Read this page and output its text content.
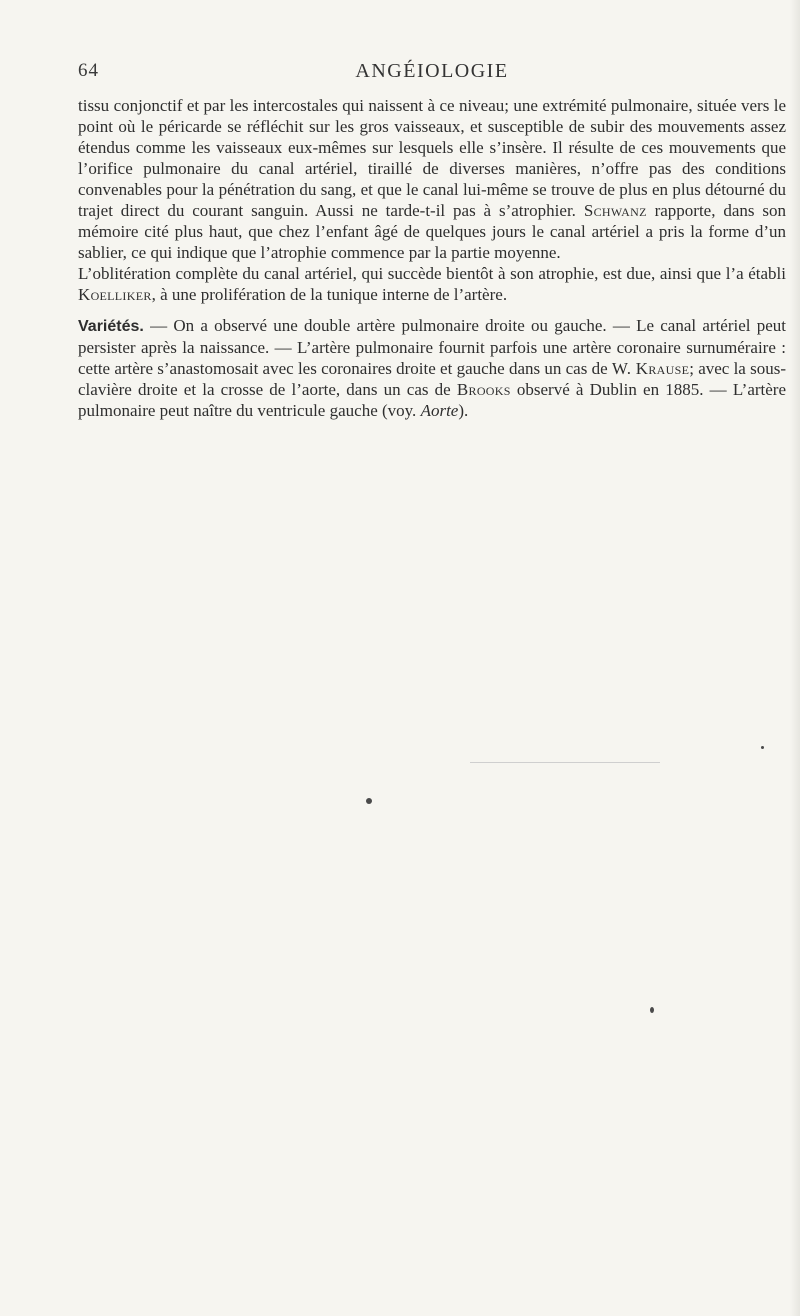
64	ANGÉIOLOGIE

tissu conjonctif et par les intercostales qui naissent à ce niveau; une extrémité pulmonaire, située vers le point où le péricarde se réfléchit sur les gros vaisseaux, et susceptible de subir des mouvements assez étendus comme les vaisseaux eux-mêmes sur lesquels elle s’insère. Il résulte de ces mouvements que l’orifice pulmonaire du canal artériel, tiraillé de diverses manières, n’offre pas des conditions convenables pour la pénétration du sang, et que le canal lui-même se trouve de plus en plus détourné du trajet direct du courant sanguin. Aussi ne tarde-t-il pas à s’atrophier. Schwanz rapporte, dans son mémoire cité plus haut, que chez l’enfant âgé de quelques jours le canal artériel a pris la forme d’un sablier, ce qui indique que l’atrophie commence par la partie moyenne.

L’oblitération complète du canal artériel, qui succède bientôt à son atrophie, est due, ainsi que l’a établi Koelliker, à une prolifération de la tunique interne de l’artère.

Variétés. — On a observé une double artère pulmonaire droite ou gauche. — Le canal artériel peut persister après la naissance. — L’artère pulmonaire fournit parfois une artère coronaire surnuméraire : cette artère s’anastomosait avec les coronaires droite et gauche dans un cas de W. Krause; avec la sous-clavière droite et la crosse de l’aorte, dans un cas de Brooks observé à Dublin en 1885. — L’artère pulmonaire peut naître du ventricule gauche (voy. Aorte).
